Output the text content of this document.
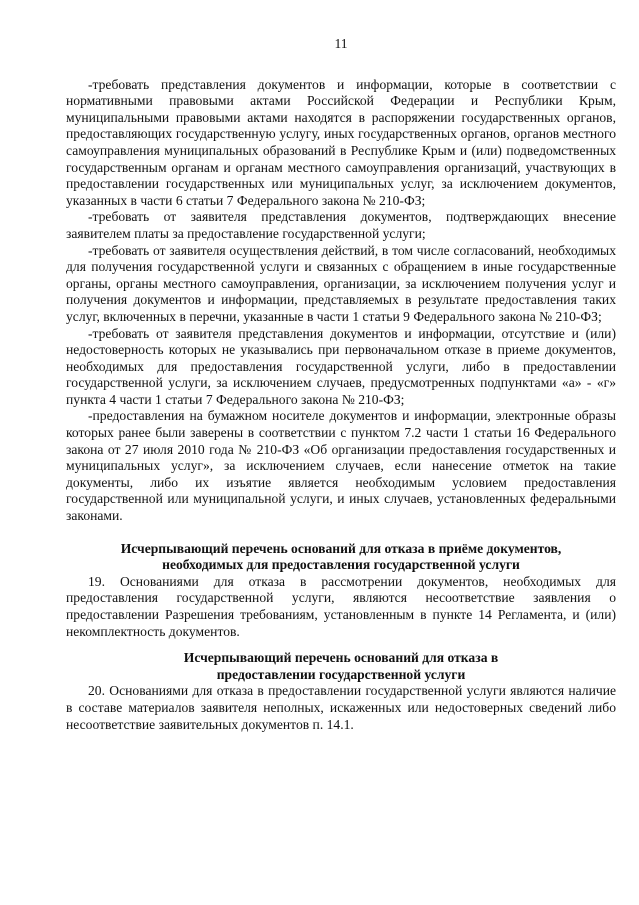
11

-требовать представления документов и информации, которые в соответствии с нормативными правовыми актами Российской Федерации и Республики Крым, муниципальными правовыми актами находятся в распоряжении государственных органов, предоставляющих государственную услугу, иных государственных органов, органов местного самоуправления муниципальных образований в Республике Крым и (или) подведомственных государственным органам и органам местного самоуправления организаций, участвующих в предоставлении государственных или муниципальных услуг, за исключением документов, указанных в части 6 статьи 7 Федерального закона № 210-ФЗ;

-требовать от заявителя представления документов, подтверждающих внесение заявителем платы за предоставление государственной услуги;

-требовать от заявителя осуществления действий, в том числе согласований, необходимых для получения государственной услуги и связанных с обращением в иные государственные органы, органы местного самоуправления, организации, за исключением получения услуг и получения документов и информации, представляемых в результате предоставления таких услуг, включенных в перечни, указанные в части 1 статьи 9 Федерального закона № 210-ФЗ;

-требовать от заявителя представления документов и информации, отсутствие и (или) недостоверность которых не указывались при первоначальном отказе в приеме документов, необходимых для предоставления государственной услуги, либо в предоставлении государственной услуги, за исключением случаев, предусмотренных подпунктами «а» - «г» пункта 4 части 1 статьи 7 Федерального закона № 210-ФЗ;

-предоставления на бумажном носителе документов и информации, электронные образы которых ранее были заверены в соответствии с пунктом 7.2 части 1 статьи 16 Федерального закона от 27 июля 2010 года № 210-ФЗ «Об организации предоставления государственных и муниципальных услуг», за исключением случаев, если нанесение отметок на такие документы, либо их изъятие является необходимым условием предоставления государственной или муниципальной услуги, и иных случаев, установленных федеральными законами.

Исчерпывающий перечень оснований для отказа в приёме документов,
необходимых для предоставления государственной услуги

19. Основаниями для отказа в рассмотрении документов, необходимых для предоставления государственной услуги, являются несоответствие заявления о предоставлении Разрешения требованиям, установленным в пункте 14 Регламента, и (или) некомплектность документов.

Исчерпывающий перечень оснований для отказа в
предоставлении государственной услуги

20. Основаниями для отказа в предоставлении государственной услуги являются наличие в составе материалов заявителя неполных, искаженных или недостоверных сведений либо несоответствие заявительных документов п. 14.1.
